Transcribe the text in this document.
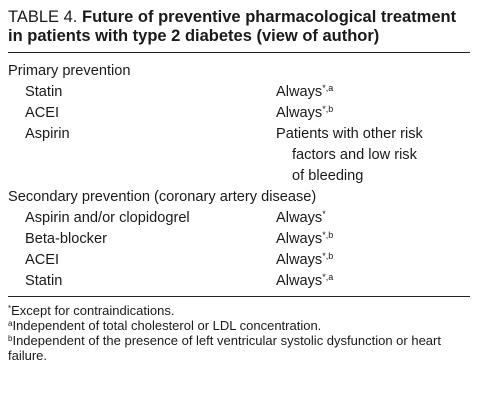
TABLE 4. Future of preventive pharmacological treatment in patients with type 2 diabetes (view of author)

Primary prevention
Statin	Always$^{*,a}$
ACEI	Always$^{*,b}$
Aspirin	Patients with other risk
factors and low risk
of bleeding
Secondary prevention (coronary artery disease)
Aspirin and/or clopidogrel	Always*
Beta-blocker	Always$^{*,b}$
ACEI	Always$^{*,b}$
Statin	Always$^{*,a}$
*Except for contraindications.
$^a$Independent of total cholesterol or LDL concentration.
$^b$Independent of the presence of left ventricular systolic dysfunction or heart failure.
